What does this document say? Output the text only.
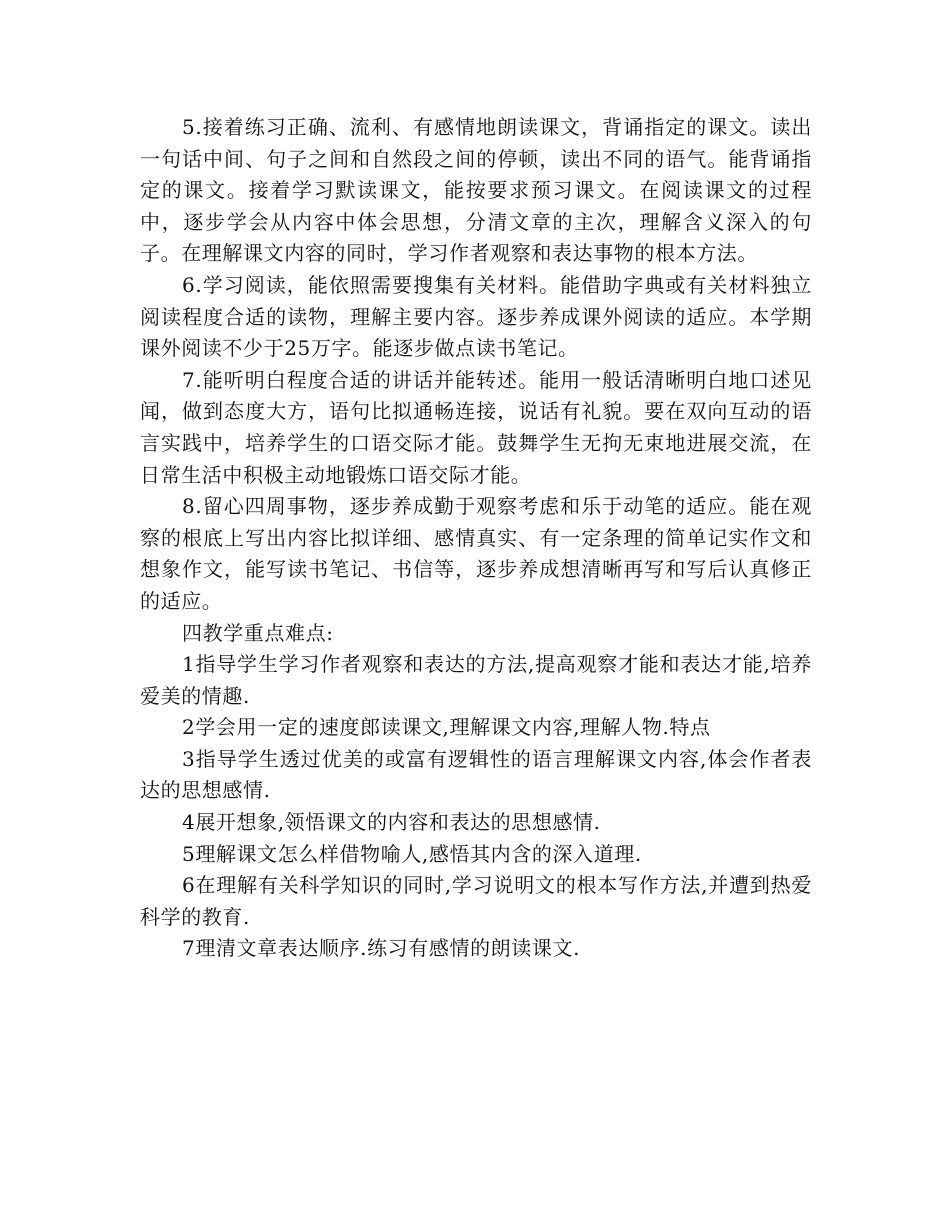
5.接着练习正确、流利、有感情地朗读课文，背诵指定的课文。读出一句话中间、句子之间和自然段之间的停顿，读出不同的语气。能背诵指定的课文。接着学习默读课文，能按要求预习课文。在阅读课文的过程中，逐步学会从内容中体会思想，分清文章的主次，理解含义深入的句子。在理解课文内容的同时，学习作者观察和表达事物的根本方法。

6.学习阅读，能依照需要搜集有关材料。能借助字典或有关材料独立阅读程度合适的读物，理解主要内容。逐步养成课外阅读的适应。本学期课外阅读不少于25万字。能逐步做点读书笔记。

7.能听明白程度合适的讲话并能转述。能用一般话清晰明白地口述见闻，做到态度大方，语句比拟通畅连接，说话有礼貌。要在双向互动的语言实践中，培养学生的口语交际才能。鼓舞学生无拘无束地进展交流，在日常生活中积极主动地锻炼口语交际才能。

8.留心四周事物，逐步养成勤于观察考虑和乐于动笔的适应。能在观察的根底上写出内容比拟详细、感情真实、有一定条理的简单记实作文和想象作文，能写读书笔记、书信等，逐步养成想清晰再写和写后认真修正的适应。

四教学重点难点:

1指导学生学习作者观察和表达的方法,提高观察才能和表达才能,培养爱美的情趣.

2学会用一定的速度郎读课文,理解课文内容,理解人物.特点

3指导学生透过优美的或富有逻辑性的语言理解课文内容,体会作者表达的思想感情.

4展开想象,领悟课文的内容和表达的思想感情.

5理解课文怎么样借物喻人,感悟其内含的深入道理.

6在理解有关科学知识的同时,学习说明文的根本写作方法,并遭到热爱科学的教育.

7理清文章表达顺序.练习有感情的朗读课文.
